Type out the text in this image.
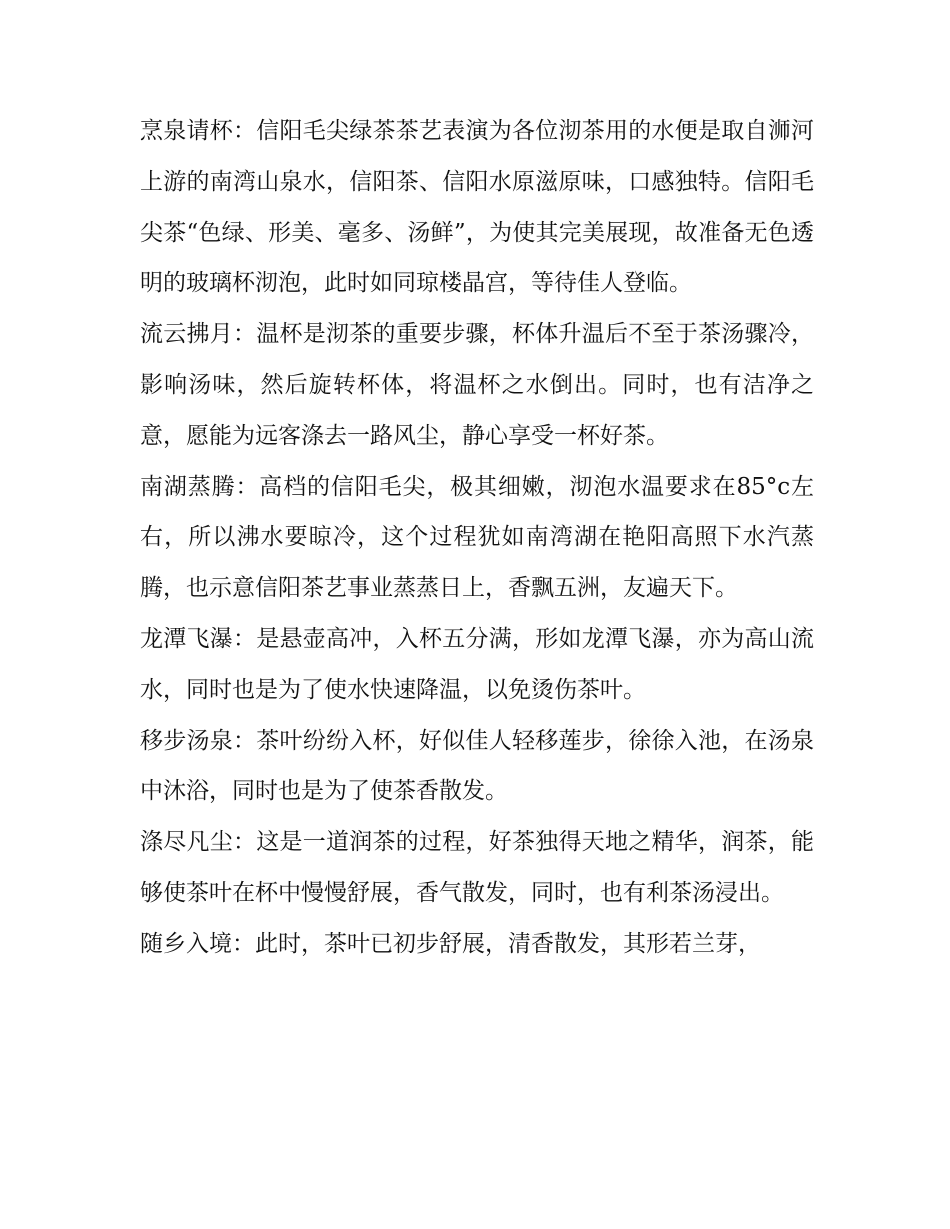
烹泉请杯：信阳毛尖绿茶茶艺表演为各位沏茶用的水便是取自浉河上游的南湾山泉水，信阳茶、信阳水原滋原味，口感独特。信阳毛尖茶“色绿、形美、毫多、汤鲜”，为使其完美展现，故准备无色透明的玻璃杯沏泡，此时如同琼楼晶宫，等待佳人登临。

流云拂月：温杯是沏茶的重要步骤，杯体升温后不至于茶汤骤冷，影响汤味，然后旋转杯体，将温杯之水倒出。同时，也有洁净之意，愿能为远客涤去一路风尘，静心享受一杯好茶。

南湖蒸腾：高档的信阳毛尖，极其细嫩，沏泡水温要求在85°c左右，所以沸水要晾冷，这个过程犹如南湾湖在艳阳高照下水汽蒸腾，也示意信阳茶艺事业蒸蒸日上，香飘五洲，友遍天下。

龙潭飞瀑：是悬壶高冲，入杯五分满，形如龙潭飞瀑，亦为高山流水，同时也是为了使水快速降温，以免烫伤茶叶。

移步汤泉：茶叶纷纷入杯，好似佳人轻移莲步，徐徐入池，在汤泉中沐浴，同时也是为了使茶香散发。

涤尽凡尘：这是一道润茶的过程，好茶独得天地之精华，润茶，能够使茶叶在杯中慢慢舒展，香气散发，同时，也有利茶汤浸出。

随乡入境：此时，茶叶已初步舒展，清香散发，其形若兰芽，
